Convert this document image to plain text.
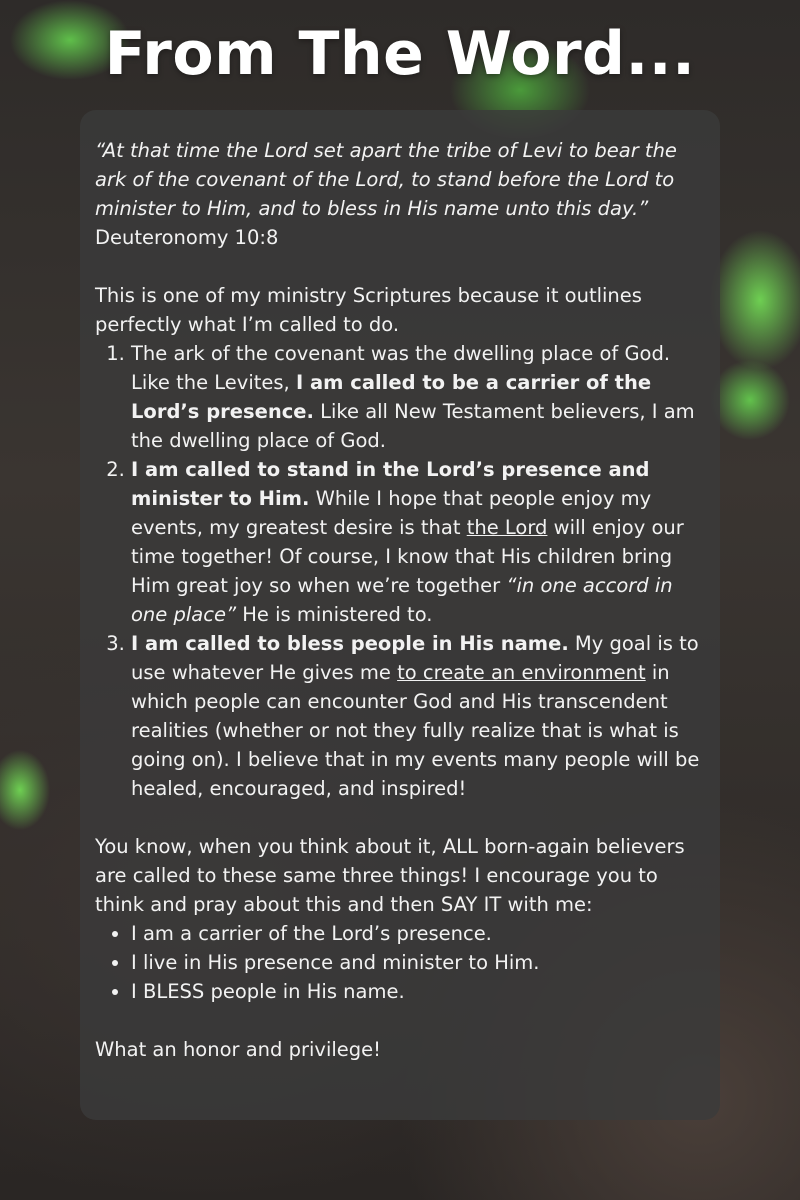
From The Word...

“At that time the Lord set apart the tribe of Levi to bear the ark of the covenant of the Lord, to stand before the Lord to minister to Him, and to bless in His name unto this day.”

Deuteronomy 10:8

This is one of my ministry Scriptures because it outlines perfectly what I’m called to do.

1. The ark of the covenant was the dwelling place of God. Like the Levites, I am called to be a carrier of the Lord’s presence. Like all New Testament believers, I am the dwelling place of God.
2. I am called to stand in the Lord’s presence and minister to Him. While I hope that people enjoy my events, my greatest desire is that the Lord will enjoy our time together! Of course, I know that His children bring Him great joy so when we’re together “in one accord in one place” He is ministered to.
3. I am called to bless people in His name. My goal is to use whatever He gives me to create an environment in which people can encounter God and His transcendent realities (whether or not they fully realize that is what is going on). I believe that in my events many people will be healed, encouraged, and inspired!

You know, when you think about it, ALL born-again believers are called to these same three things! I encourage you to think and pray about this and then SAY IT with me:

• I am a carrier of the Lord’s presence.
• I live in His presence and minister to Him.
• I BLESS people in His name.

What an honor and privilege!
